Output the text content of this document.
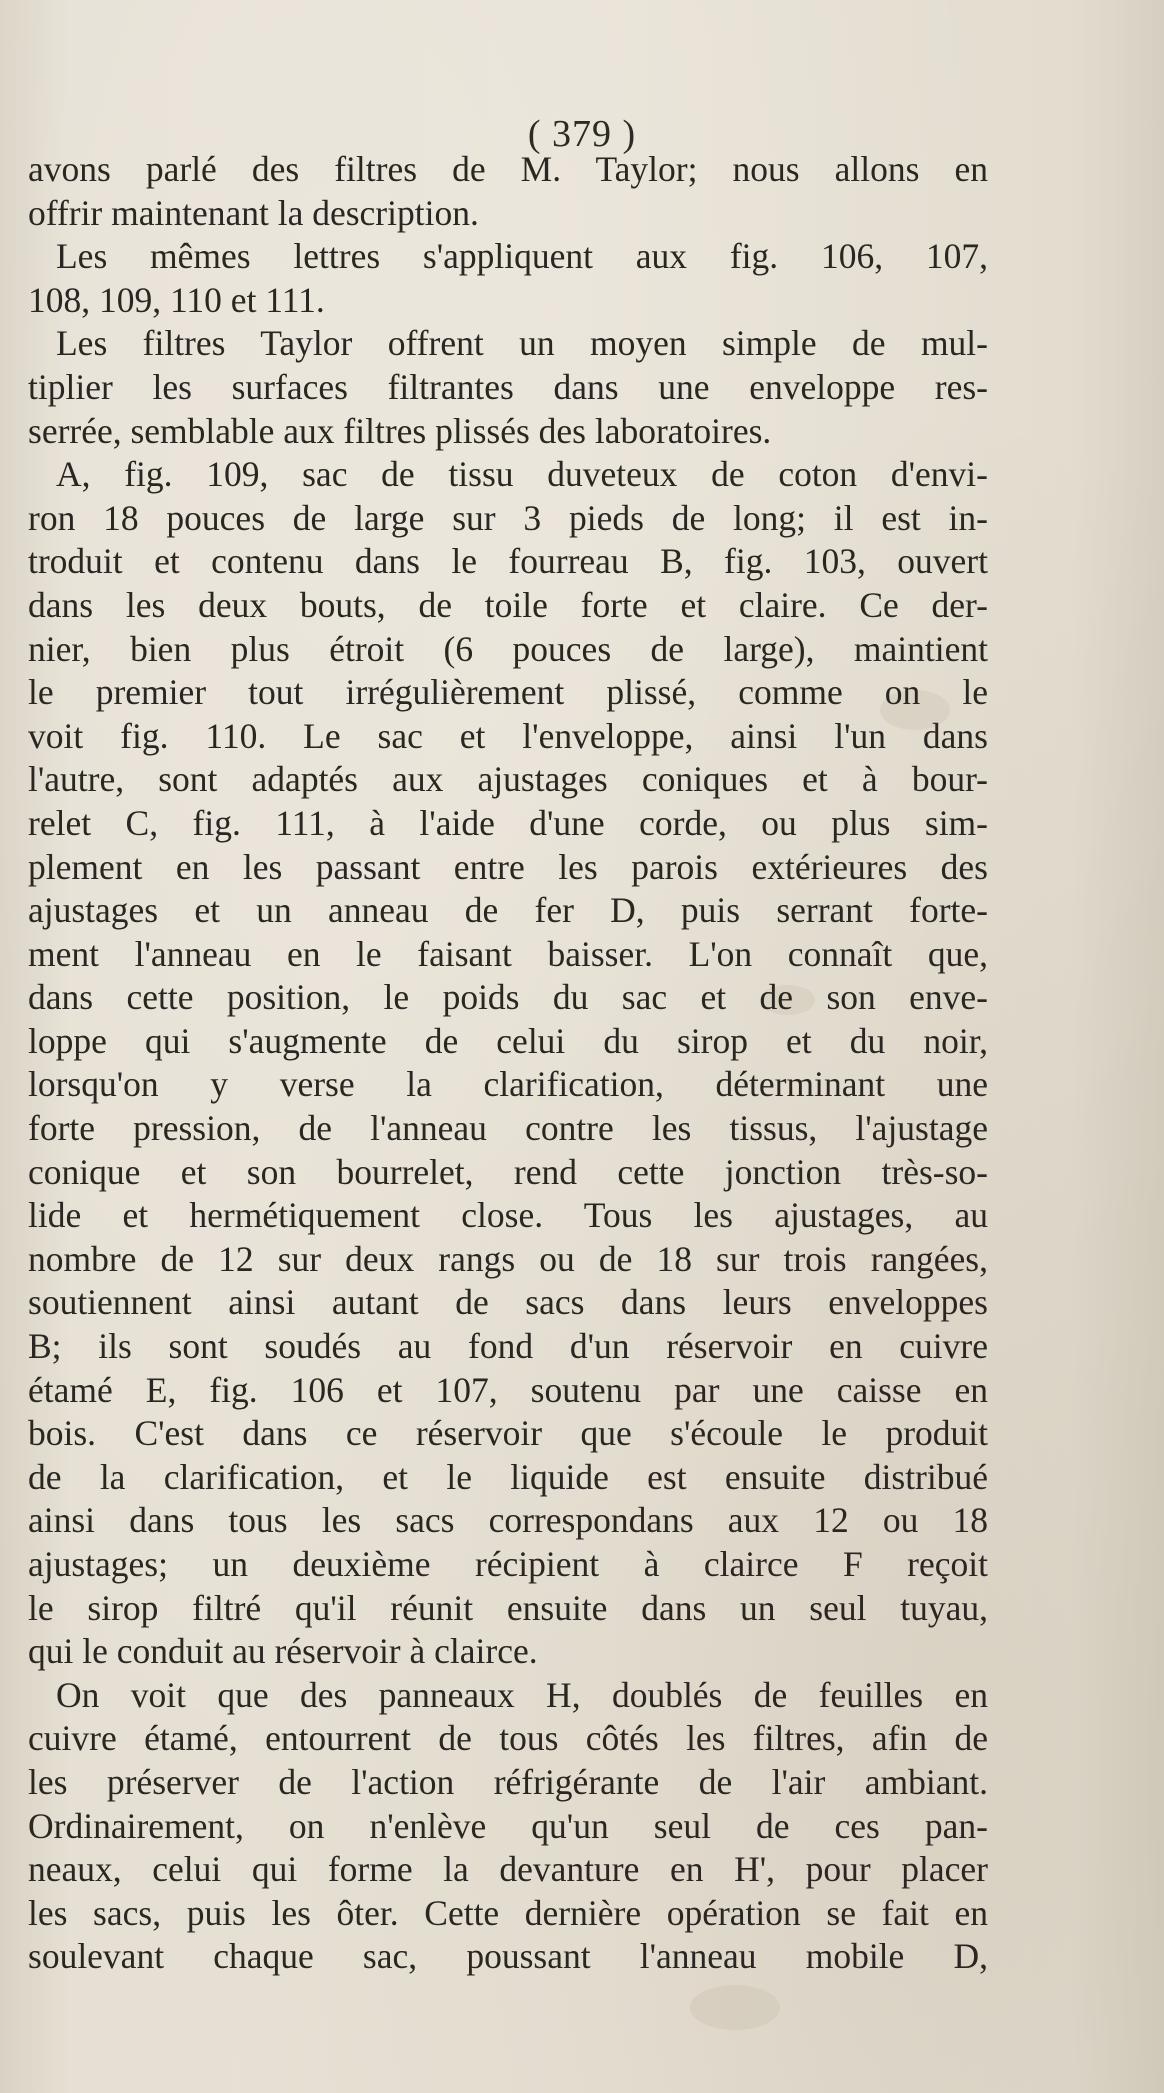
( 379 )
avons parlé des filtres de M. Taylor; nous allons en
offrir maintenant la description.
Les mêmes lettres s'appliquent aux fig. 106, 107,
108, 109, 110 et 111.
Les filtres Taylor offrent un moyen simple de mul-
tiplier les surfaces filtrantes dans une enveloppe res-
serrée, semblable aux filtres plissés des laboratoires.
A, fig. 109, sac de tissu duveteux de coton d'envi-
ron 18 pouces de large sur 3 pieds de long; il est in-
troduit et contenu dans le fourreau B, fig. 103, ouvert
dans les deux bouts, de toile forte et claire. Ce der-
nier, bien plus étroit (6 pouces de large), maintient
le premier tout irrégulièrement plissé, comme on le
voit fig. 110. Le sac et l'enveloppe, ainsi l'un dans
l'autre, sont adaptés aux ajustages coniques et à bour-
relet C, fig. 111, à l'aide d'une corde, ou plus sim-
plement en les passant entre les parois extérieures des
ajustages et un anneau de fer D, puis serrant forte-
ment l'anneau en le faisant baisser. L'on connaît que,
dans cette position, le poids du sac et de son enve-
loppe qui s'augmente de celui du sirop et du noir,
lorsqu'on y verse la clarification, déterminant une
forte pression, de l'anneau contre les tissus, l'ajustage
conique et son bourrelet, rend cette jonction très-so-
lide et hermétiquement close. Tous les ajustages, au
nombre de 12 sur deux rangs ou de 18 sur trois rangées,
soutiennent ainsi autant de sacs dans leurs enveloppes
B; ils sont soudés au fond d'un réservoir en cuivre
étamé E, fig. 106 et 107, soutenu par une caisse en
bois. C'est dans ce réservoir que s'écoule le produit
de la clarification, et le liquide est ensuite distribué
ainsi dans tous les sacs correspondans aux 12 ou 18
ajustages; un deuxième récipient à clairce F reçoit
le sirop filtré qu'il réunit ensuite dans un seul tuyau,
qui le conduit au réservoir à clairce.
On voit que des panneaux H, doublés de feuilles en
cuivre étamé, entourrent de tous côtés les filtres, afin de
les préserver de l'action réfrigérante de l'air ambiant.
Ordinairement, on n'enlève qu'un seul de ces pan-
neaux, celui qui forme la devanture en H', pour placer
les sacs, puis les ôter. Cette dernière opération se fait en
soulevant chaque sac, poussant l'anneau mobile D,
